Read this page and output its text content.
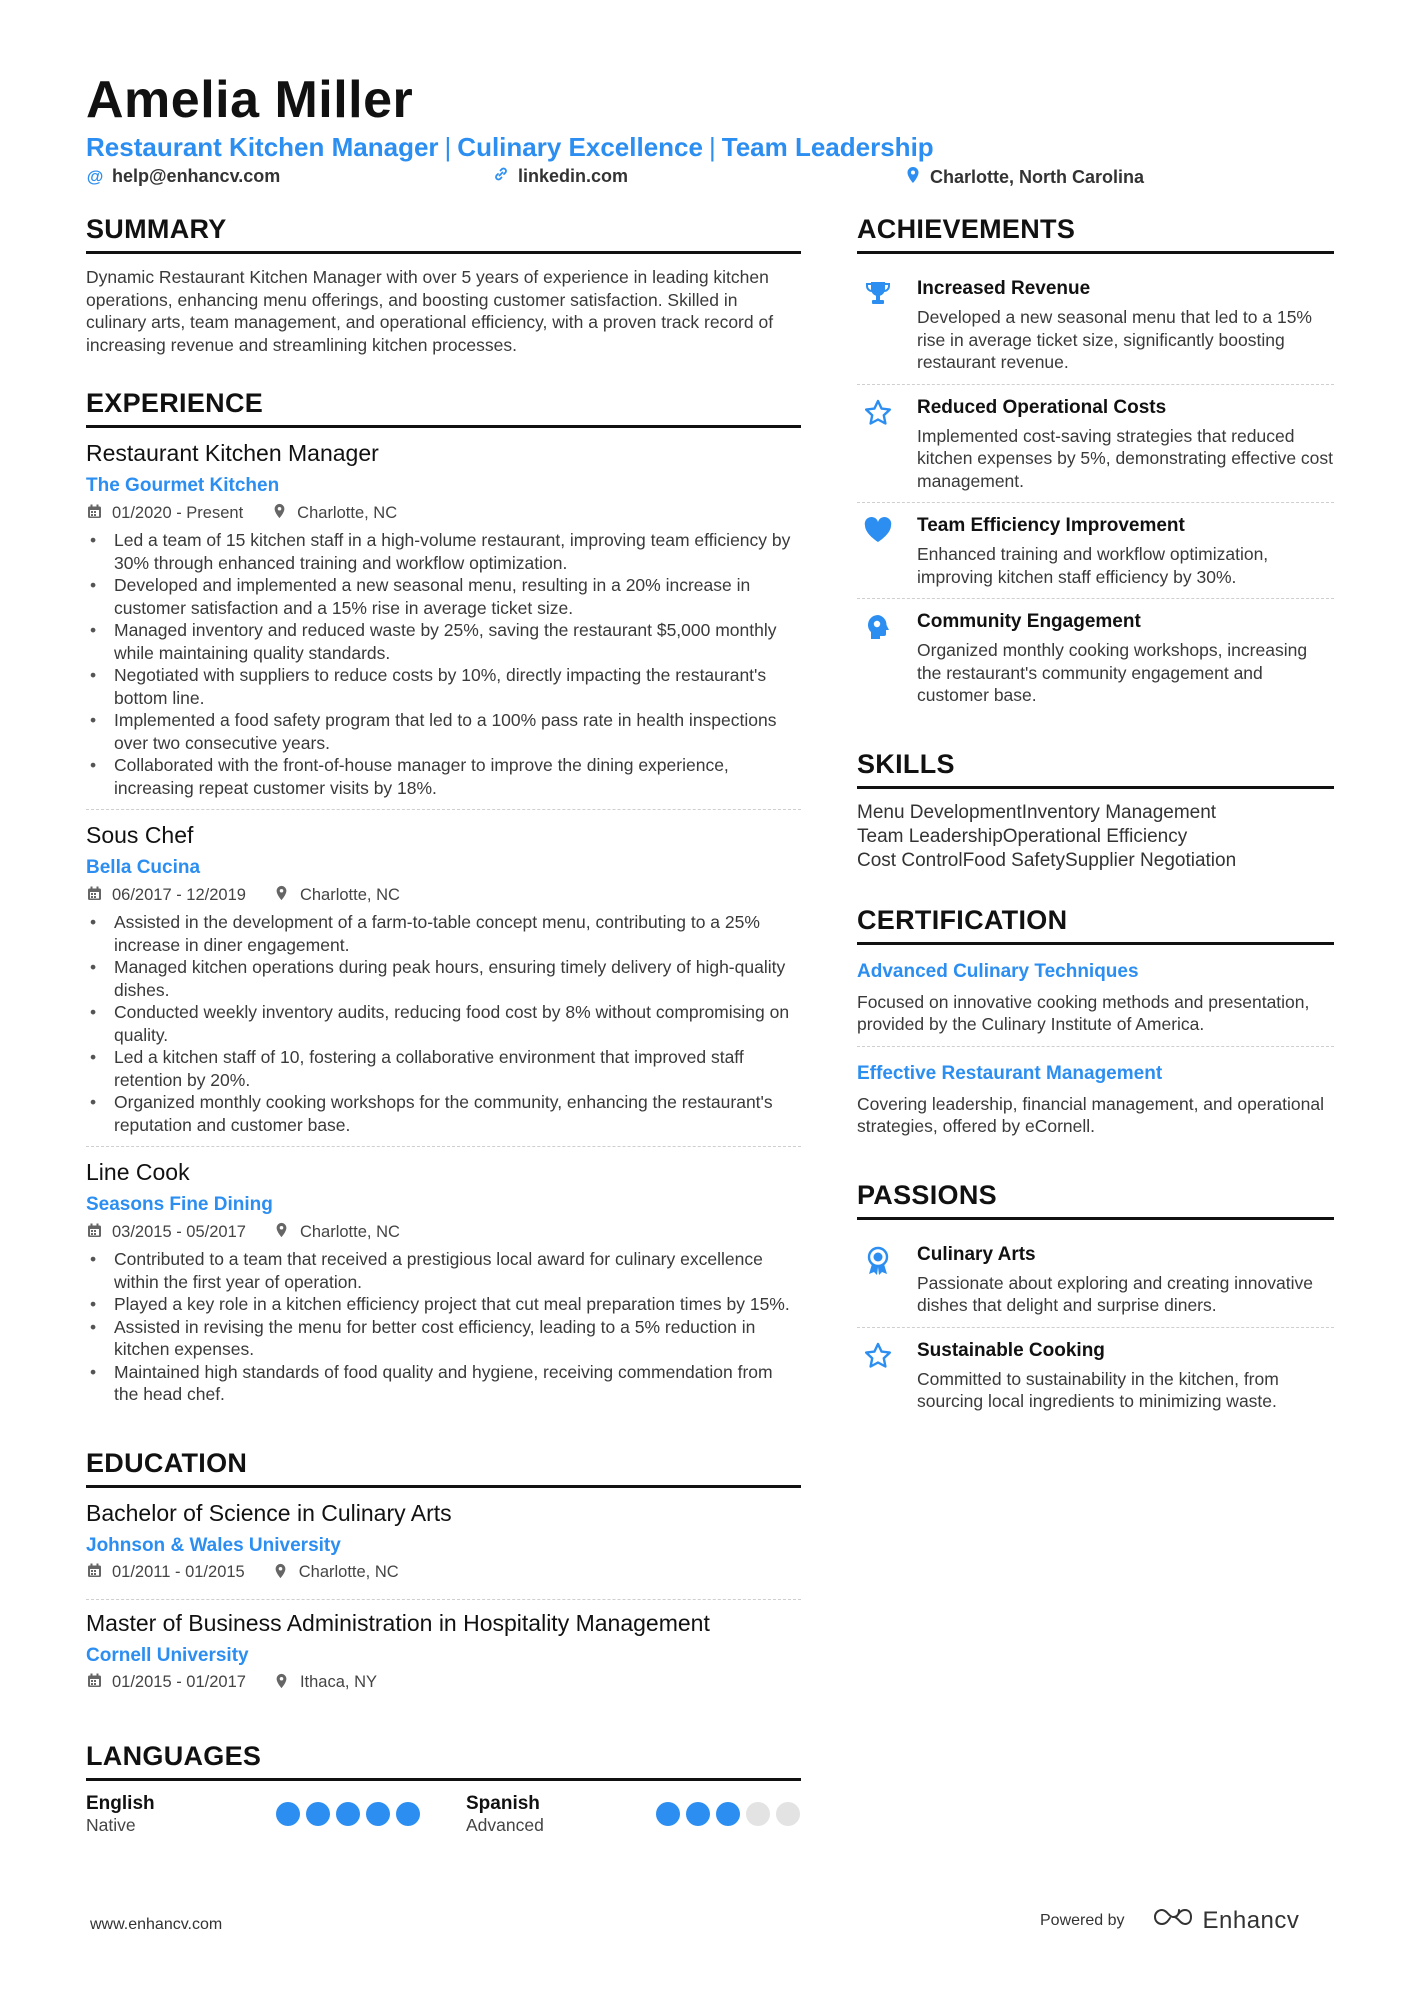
Amelia Miller
Restaurant Kitchen Manager | Culinary Excellence | Team Leadership
@ help@enhancv.com	linkedin.com	Charlotte, North Carolina
SUMMARY
Dynamic Restaurant Kitchen Manager with over 5 years of experience in leading kitchen operations, enhancing menu offerings, and boosting customer satisfaction. Skilled in culinary arts, team management, and operational efficiency, with a proven track record of increasing revenue and streamlining kitchen processes.
EXPERIENCE
Restaurant Kitchen Manager
The Gourmet Kitchen
01/2020 - Present	Charlotte, NC
• Led a team of 15 kitchen staff in a high-volume restaurant, improving team efficiency by 30% through enhanced training and workflow optimization.
• Developed and implemented a new seasonal menu, resulting in a 20% increase in customer satisfaction and a 15% rise in average ticket size.
• Managed inventory and reduced waste by 25%, saving the restaurant $5,000 monthly while maintaining quality standards.
• Negotiated with suppliers to reduce costs by 10%, directly impacting the restaurant's bottom line.
• Implemented a food safety program that led to a 100% pass rate in health inspections over two consecutive years.
• Collaborated with the front-of-house manager to improve the dining experience, increasing repeat customer visits by 18%.
Sous Chef
Bella Cucina
06/2017 - 12/2019	Charlotte, NC
• Assisted in the development of a farm-to-table concept menu, contributing to a 25% increase in diner engagement.
• Managed kitchen operations during peak hours, ensuring timely delivery of high-quality dishes.
• Conducted weekly inventory audits, reducing food cost by 8% without compromising on quality.
• Led a kitchen staff of 10, fostering a collaborative environment that improved staff retention by 20%.
• Organized monthly cooking workshops for the community, enhancing the restaurant's reputation and customer base.
Line Cook
Seasons Fine Dining
03/2015 - 05/2017	Charlotte, NC
• Contributed to a team that received a prestigious local award for culinary excellence within the first year of operation.
• Played a key role in a kitchen efficiency project that cut meal preparation times by 15%.
• Assisted in revising the menu for better cost efficiency, leading to a 5% reduction in kitchen expenses.
• Maintained high standards of food quality and hygiene, receiving commendation from the head chef.
EDUCATION
Bachelor of Science in Culinary Arts
Johnson & Wales University
01/2011 - 01/2015	Charlotte, NC
Master of Business Administration in Hospitality Management
Cornell University
01/2015 - 01/2017	Ithaca, NY
LANGUAGES
English
Native
Spanish
Advanced
ACHIEVEMENTS
Increased Revenue
Developed a new seasonal menu that led to a 15% rise in average ticket size, significantly boosting restaurant revenue.
Reduced Operational Costs
Implemented cost-saving strategies that reduced kitchen expenses by 5%, demonstrating effective cost management.
Team Efficiency Improvement
Enhanced training and workflow optimization, improving kitchen staff efficiency by 30%.
Community Engagement
Organized monthly cooking workshops, increasing the restaurant's community engagement and customer base.
SKILLS
Menu DevelopmentInventory Management
Team LeadershipOperational Efficiency
Cost ControlFood SafetySupplier Negotiation
CERTIFICATION
Advanced Culinary Techniques
Focused on innovative cooking methods and presentation, provided by the Culinary Institute of America.
Effective Restaurant Management
Covering leadership, financial management, and operational strategies, offered by eCornell.
PASSIONS
Culinary Arts
Passionate about exploring and creating innovative dishes that delight and surprise diners.
Sustainable Cooking
Committed to sustainability in the kitchen, from sourcing local ingredients to minimizing waste.
www.enhancv.com	Powered by	Enhancv
